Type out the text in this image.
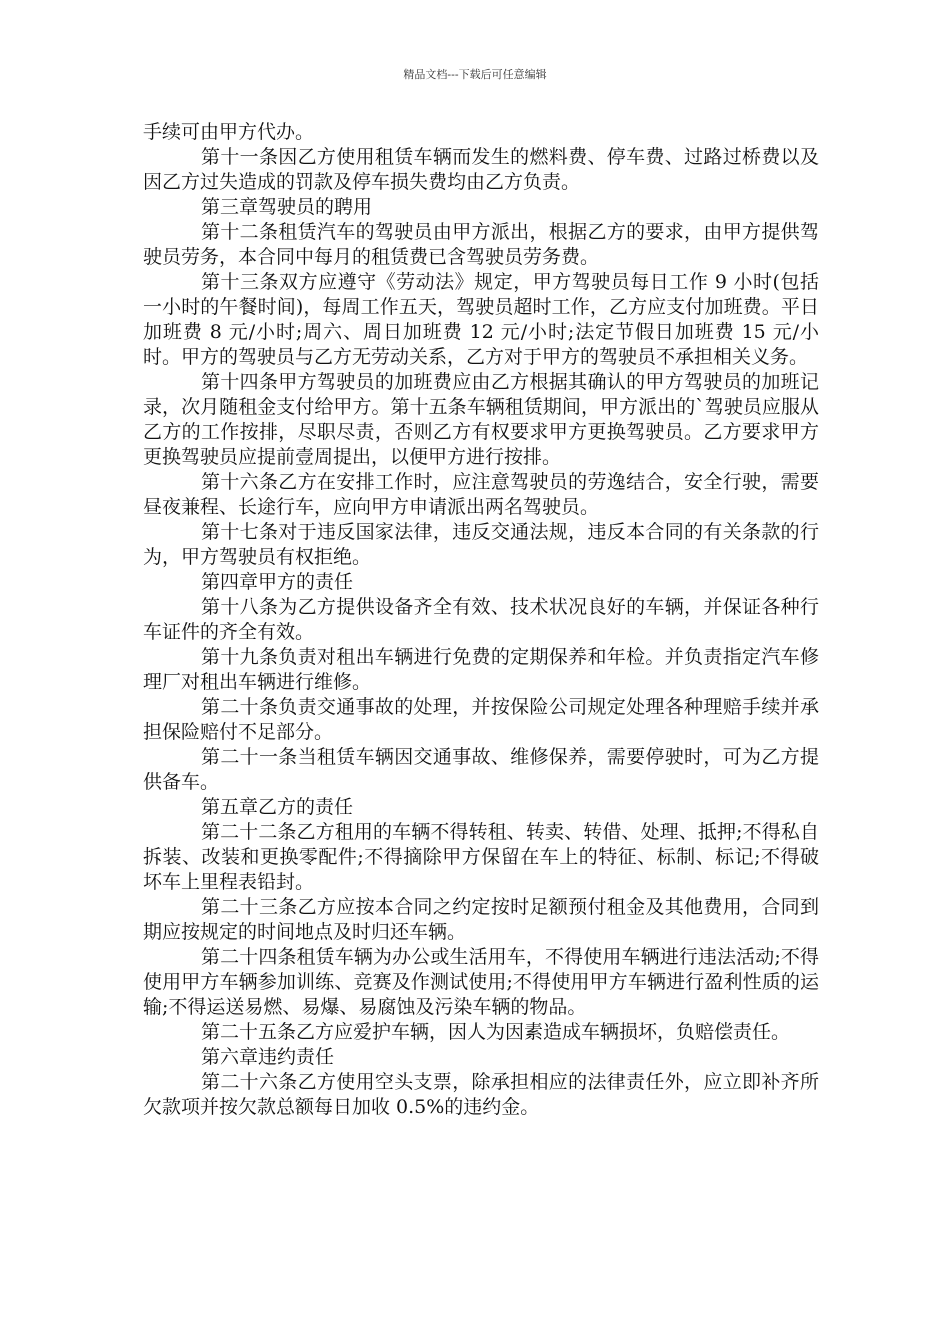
精品文档---下载后可任意编辑

手续可由甲方代办。

第十一条因乙方使用租赁车辆而发生的燃料费、停车费、过路过桥费以及因乙方过失造成的罚款及停车损失费均由乙方负责。

第三章驾驶员的聘用

第十二条租赁汽车的驾驶员由甲方派出，根据乙方的要求，由甲方提供驾驶员劳务，本合同中每月的租赁费已含驾驶员劳务费。

第十三条双方应遵守《劳动法》规定，甲方驾驶员每日工作 9 小时(包括一小时的午餐时间)，每周工作五天，驾驶员超时工作，乙方应支付加班费。平日加班费 8 元/小时;周六、周日加班费 12 元/小时;法定节假日加班费 15 元/小时。甲方的驾驶员与乙方无劳动关系，乙方对于甲方的驾驶员不承担相关义务。

第十四条甲方驾驶员的加班费应由乙方根据其确认的甲方驾驶员的加班记录，次月随租金支付给甲方。第十五条车辆租赁期间，甲方派出的`驾驶员应服从乙方的工作按排，尽职尽责，否则乙方有权要求甲方更换驾驶员。乙方要求甲方更换驾驶员应提前壹周提出，以便甲方进行按排。

第十六条乙方在安排工作时，应注意驾驶员的劳逸结合，安全行驶，需要昼夜兼程、长途行车，应向甲方申请派出两名驾驶员。

第十七条对于违反国家法律，违反交通法规，违反本合同的有关条款的行为，甲方驾驶员有权拒绝。

第四章甲方的责任

第十八条为乙方提供设备齐全有效、技术状况良好的车辆，并保证各种行车证件的齐全有效。

第十九条负责对租出车辆进行免费的定期保养和年检。并负责指定汽车修理厂对租出车辆进行维修。

第二十条负责交通事故的处理，并按保险公司规定处理各种理赔手续并承担保险赔付不足部分。

第二十一条当租赁车辆因交通事故、维修保养，需要停驶时，可为乙方提供备车。

第五章乙方的责任

第二十二条乙方租用的车辆不得转租、转卖、转借、处理、抵押;不得私自拆装、改装和更换零配件;不得摘除甲方保留在车上的特征、标制、标记;不得破坏车上里程表铅封。

第二十三条乙方应按本合同之约定按时足额预付租金及其他费用，合同到期应按规定的时间地点及时归还车辆。

第二十四条租赁车辆为办公或生活用车，不得使用车辆进行违法活动;不得使用甲方车辆参加训练、竞赛及作测试使用;不得使用甲方车辆进行盈利性质的运输;不得运送易燃、易爆、易腐蚀及污染车辆的物品。

第二十五条乙方应爱护车辆，因人为因素造成车辆损坏，负赔偿责任。

第六章违约责任

第二十六条乙方使用空头支票，除承担相应的法律责任外，应立即补齐所欠款项并按欠款总额每日加收 0.5%的违约金。
